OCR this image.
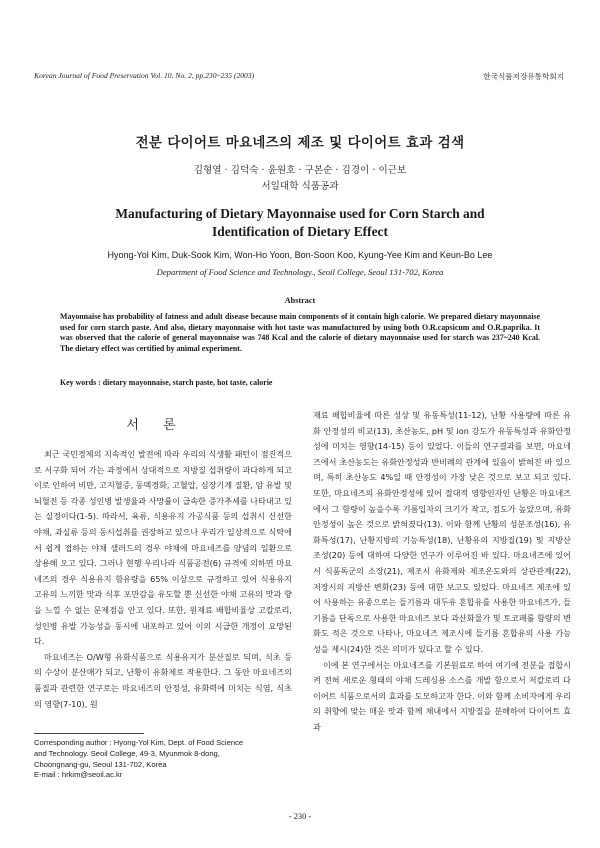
Korean Journal of Food Preservation Vol. 10. No. 2, pp.230~235 (2003)	한국식품저장유통학회지
전분 다이어트 마요네즈의 제조 및 다이어트 효과 검색
김형열 · 김덕숙 · 윤원호 · 구본순 · 김경이 · 이근보
서일대학 식품공과
Manufacturing of Dietary Mayonnaise used for Corn Starch and
Identification of Dietary Effect
Hyong-Yol Kim, Duk-Sook Kim, Won-Ho Yoon, Bon-Soon Koo, Kyung-Yee Kim and Keun-Bo Lee
Department of Food Science and Technology., Seoil College, Seoul 131-702, Korea
Abstract
Mayonnaise has probability of fatness and adult disease because main components of it contain high calorie. We prepared dietary mayonnaise used for corn starch paste. And also, dietary mayonnaise with hot taste was manufactured by using both O.R.capsicum and O.R.paprika. It was observed that the calorie of general mayonnaise was 748 Kcal and the calorie of dietary mayonnaise used for starch was 237~240 Kcal. The dietary effect was certified by animal experiment.
Key words : dietary mayonnaise, starch paste, hot taste, calorie
서 론

최근 국민경제의 지속적인 발전에 따라 우리의 식생활 패턴이 점진적으로 서구화 되어 가는 과정에서 상대적으로 지방질 섭취량이 과다하게 되고 이로 인하여 비만, 고지혈증, 동맥경화, 고혈압, 심장기계 질환, 암 유발 및 뇌혈전 등 각종 성인병 발생율과 사망률이 급속한 증가추세를 나타내고 있는 실정이다(1-5). 따라서, 육류, 식용유지 가공식품 등의 섭취시 신선한 야채, 과실류 등의 동시섭취를 권장하고 있으나 우리가 일상적으로 식탁에서 쉽게 접하는 야채 샐러드의 경우 야채에 마요네즈를 양념의 일환으로 상용해 오고 있다. 그러나 현행 우리나라 식품공전(6) 규격에 의하면 마요네즈의 경우 식용유지 함유량을 65% 이상으로 규정하고 있어 식용유지 고유의 느끼한 맛과 식후 포만감을 유도할 뿐 신선한 야채 고유의 맛과 향을 느낄 수 없는 문제점을 안고 있다. 또한, 원재료 배합비율상 고칼로리, 성인병 유발 가능성을 동시에 내포하고 있어 이의 시급한 개정이 요망된다.

마요네즈는 O/W형 유화식품으로 식용유지가 분산질로 되며, 식초 등의 수상이 분산매가 되고, 난황이 유화제로 작용한다. 그 동안 마요네즈의 품질과 관련한 연구로는 마요네즈의 안정성, 유화력에 미치는 식염, 식초의 영향(7-10), 원

재료 배합비율에 따른 성상 및 유동특성(11-12), 난황 사용량에 따른 유화 안정성의 비교(13), 초산농도, pH 및 ion 강도가 유동특성과 유화안정성에 미치는 영향(14-15) 등이 있었다. 이들의 연구결과를 보면, 마요네즈에서 초산농도는 유화안정성과 반비례의 관계에 있음이 밝혀진 바 있으며, 특히 초산농도 4%일 때 안정성이 가장 낮은 것으로 보고 되고 있다. 또한, 마요네즈의 유화안정성에 있어 절대적 영향인자인 난황은 마요네즈에서 그 함량이 높을수록 기름입자의 크기가 작고, 점도가 높았으며, 유화안정성이 높은 것으로 밝혀졌다(13). 이와 함께 난황의 성분조성(16), 유화특성(17), 난황지방의 기능특성(18), 난황유의 지방질(19) 및 지방산 조성(20) 등에 대하여 다양한 연구가 이루어진 바 있다. 마요네즈에 있어서 식품독군의 소장(21), 제조시 유화제와 제조온도와의 상관관계(22), 저장시의 지방산 변화(23) 등에 대한 보고도 있었다. 마요네즈 제조에 있어 사용하는 유종으로는 들기름과 대두유 혼합유를 사용한 마요네즈가, 들기름을 단독으로 사용한 마요네즈 보다 과산화물가 및 토코페롤 함량의 변화도 적은 것으로 나타나, 마요네즈 제조시에 들기름 혼합유의 사용 가능성을 제시(24)한 것은 의미가 있다고 할 수 있다.

이에 본 연구에서는 마요네즈를 기본원료로 하여 여기에 전분을 접합시켜 전혀 새로운 형태의 야채 드레싱용 소스를 개발 함으로서 저칼로리 다이어트 식품으로서의 효과를 도모하고자 한다. 이와 함께 소비자에게 우리의 취향에 맞는 매운 맛과 함께 체내에서 지방질을 분해하여 다이어트 효과

Corresponding author : Hyong-Yol Kim, Dept. of Food Science
and Technology. Seoil College, 49-3, Myunmok 8-dong,
Choongnang-gu, Seoul 131-702, Korea
E-mail : hrkim@seoil.ac.kr
- 230 -
